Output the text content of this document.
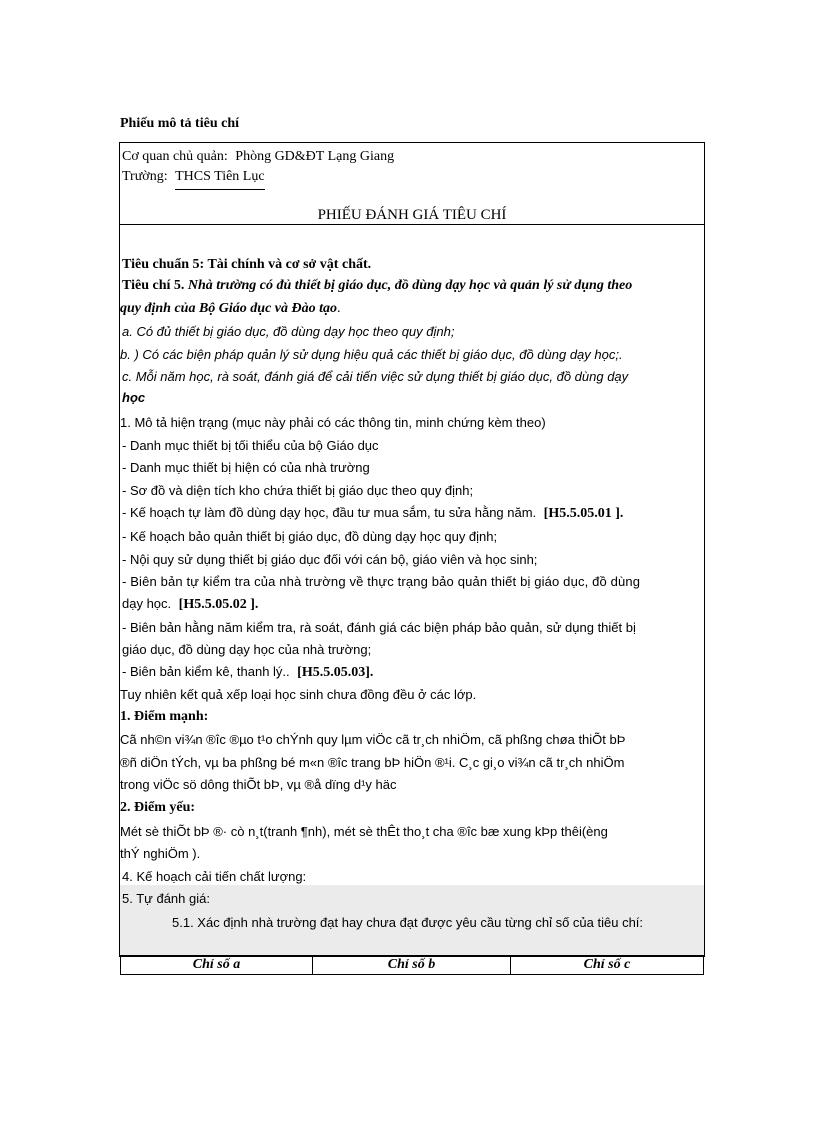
Phiếu mô tả tiêu chí
Cơ quan chủ quản: Phòng GD&ĐT Lạng Giang
Trường: THCS Tiên Lục
PHIẾU ĐÁNH GIÁ TIÊU CHÍ
Tiêu chuẩn 5: Tài chính và cơ sở vật chất.
Tiêu chí 5. Nhà trường có đủ thiết bị giáo dục, đồ dùng dạy học và quản lý sử dụng theo
quy định của Bộ Giáo dục và Đào tạo.
a. Có đủ thiết bị giáo dục, đồ dùng dạy học theo quy định;
b. ) Có các biện pháp quản lý sử dụng hiệu quả các thiết bị giáo dục, đồ dùng dạy học;.
c. Mỗi năm học, rà soát, đánh giá để cải tiến việc sử dụng thiết bị giáo dục, đồ dùng dạy
học
1. Mô tả hiện trạng (mục này phải có các thông tin, minh chứng kèm theo)
- Danh mục thiết bị tối thiểu của bộ Giáo dục
- Danh mục thiết bị hiện có của nhà trường
- Sơ đồ và diện tích kho chứa thiết bị giáo dục theo quy định;
- Kế hoạch tự làm đồ dùng dạy học, đầu tư mua sắm, tu sửa hằng năm. [H5.5.05.01 ].
- Kế hoạch bảo quản thiết bị giáo dục, đồ dùng dạy học quy định;
- Nội quy sử dụng thiết bị giáo dục đối với cán bộ, giáo viên và học sinh;
- Biên bản tự kiểm tra của nhà trường về thực trạng bảo quản thiết bị giáo dục, đồ dùng
dạy học. [H5.5.05.02 ].
- Biên bản hằng năm kiểm tra, rà soát, đánh giá các biện pháp bảo quản, sử dụng thiết bị
giáo dục, đồ dùng dạy học của nhà trường;
- Biên bản kiểm kê, thanh lý.. [H5.5.05.03].
Tuy nhiên kết quả xếp loại học sinh chưa đồng đều ở các lớp.
1. Điểm mạnh:
Cã nh©n vi¾n ®îc ®µo t¹o chÝnh quy lµm viÖc cã tr¸ch nhiÖm, cã phßng chøa thiÕt bÞ
®ñ diÖn tÝch, vµ ba phßng bé m«n ®îc trang bÞ hiÖn ®¹i. C¸c gi¸o vi¾n cã tr¸ch nhiÖm
trong viÖc sö dông thiÕt bÞ, vµ ®å dïng d¹y häc
2. Điểm yếu:
Mét sè thiÕt bÞ ®· cò n¸t(tranh ¶nh), mét sè thÊt tho¸t cha ®îc bæ xung kÞp thêi(èng
thÝ nghiÖm ).
4. Kế hoạch cải tiến chất lượng:
5. Tự đánh giá:
5.1. Xác định nhà trường đạt hay chưa đạt được yêu cầu từng chỉ số của tiêu chí:
Chỉ số a	Chỉ số b	Chỉ số c
